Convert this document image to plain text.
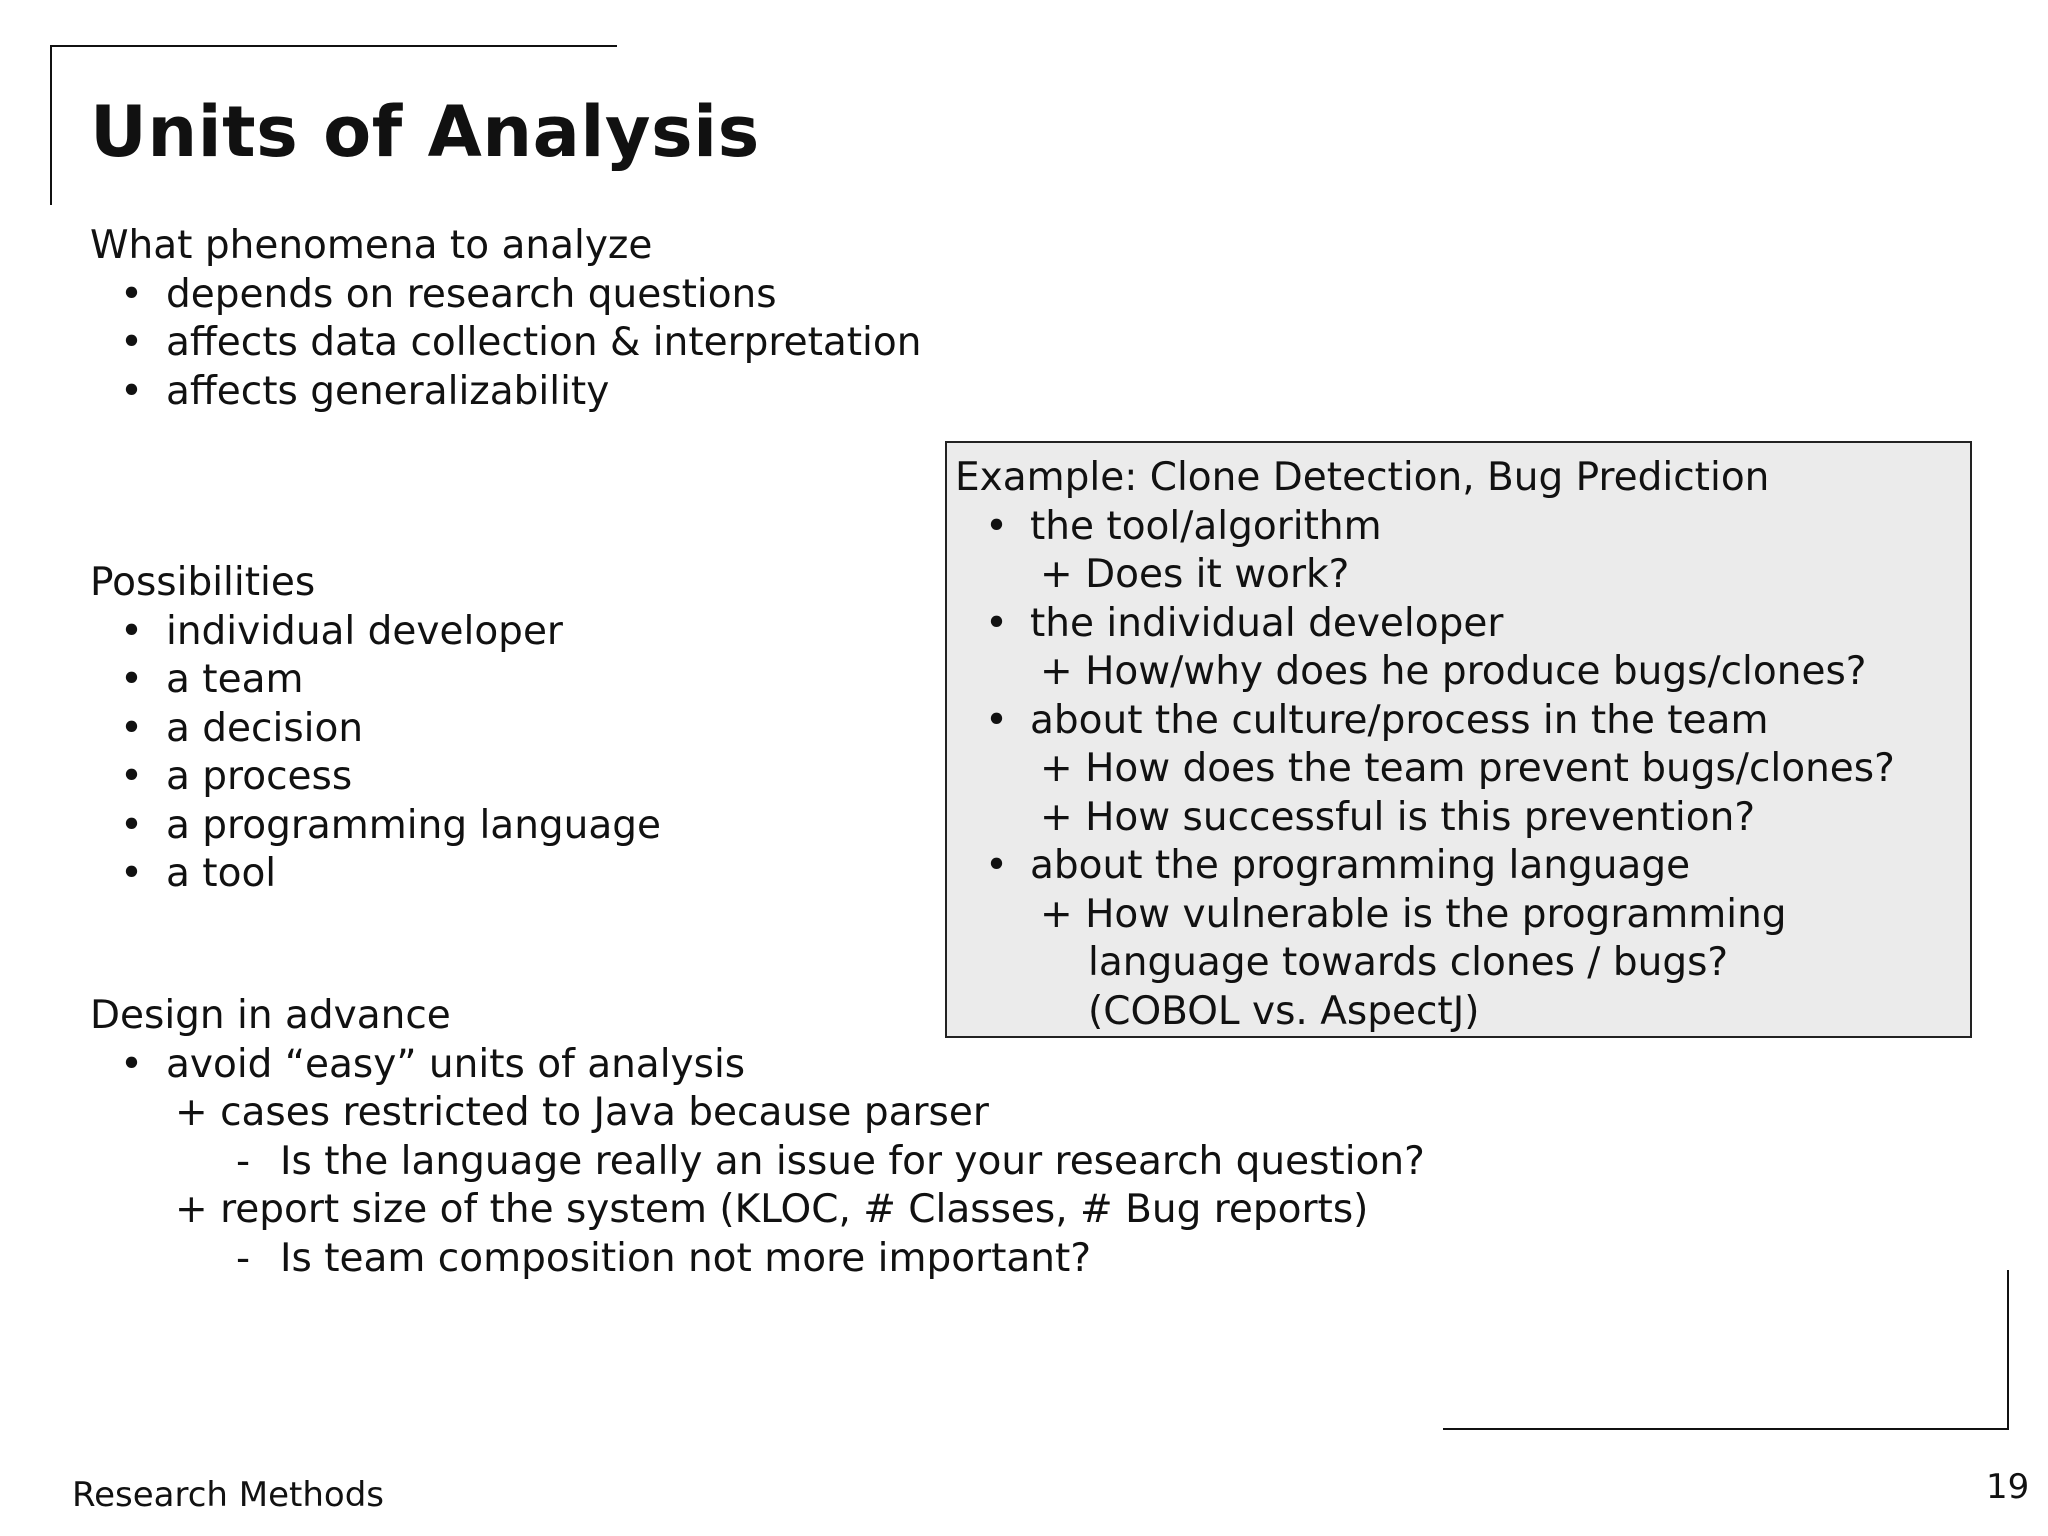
Units of Analysis
What phenomena to analyze
• depends on research questions
• affects data collection & interpretation
• affects generalizability
Possibilities
• individual developer
• a team
• a decision
• a process
• a programming language
• a tool
Design in advance
• avoid “easy” units of analysis
+ cases restricted to Java because parser
- Is the language really an issue for your research question?
+ report size of the system (KLOC, # Classes, # Bug reports)
- Is team composition not more important?
Example: Clone Detection, Bug Prediction
• the tool/algorithm
+ Does it work?
• the individual developer
+ How/why does he produce bugs/clones?
• about the culture/process in the team
+ How does the team prevent bugs/clones?
+ How successful is this prevention?
• about the programming language
+ How vulnerable is the programming
language towards clones / bugs?
(COBOL vs. AspectJ)
Research Methods	19
